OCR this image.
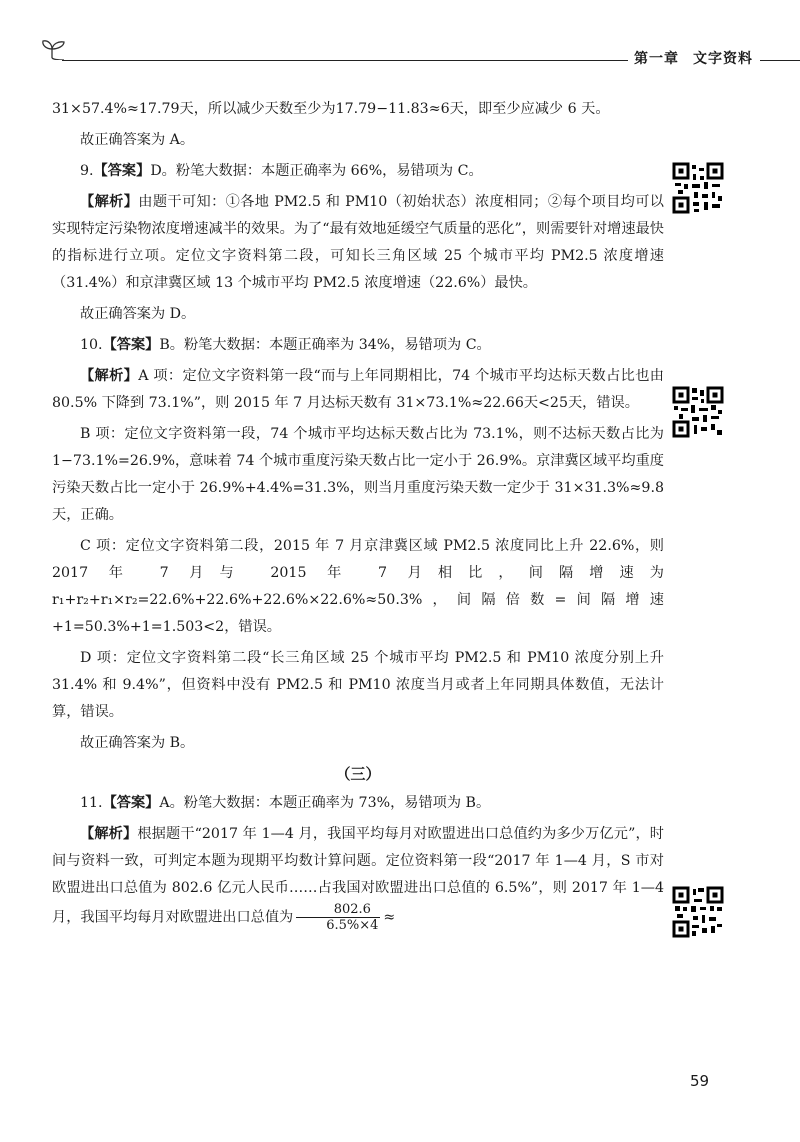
第一章 文字资料

31×57.4%≈17.79天，所以减少天数至少为17.79−11.83≈6天，即至少应减少 6 天。

故正确答案为 A。

9.【答案】D。粉笔大数据：本题正确率为 66%，易错项为 C。

【解析】由题干可知：①各地 PM2.5 和 PM10（初始状态）浓度相同；②每个项目均可以实现特定污染物浓度增速减半的效果。为了“最有效地延缓空气质量的恶化”，则需要针对增速最快的指标进行立项。定位文字资料第二段，可知长三角区域 25 个城市平均 PM2.5 浓度增速（31.4%）和京津冀区域 13 个城市平均 PM2.5 浓度增速（22.6%）最快。

故正确答案为 D。

10.【答案】B。粉笔大数据：本题正确率为 34%，易错项为 C。

【解析】A 项：定位文字资料第一段“而与上年同期相比，74 个城市平均达标天数占比也由 80.5% 下降到 73.1%”，则 2015 年 7 月达标天数有 31×73.1%≈22.66天<25天，错误。

B 项：定位文字资料第一段，74 个城市平均达标天数占比为 73.1%，则不达标天数占比为 1−73.1%=26.9%，意味着 74 个城市重度污染天数占比一定小于 26.9%。京津冀区域平均重度污染天数占比一定小于 26.9%+4.4%=31.3%，则当月重度污染天数一定少于 31×31.3%≈9.8天，正确。

C 项：定位文字资料第二段，2015 年 7 月京津冀区域 PM2.5 浓度同比上升 22.6%，则 2017 年 7 月与 2015 年 7 月相比，间隔增速为 r₁+r₂+r₁×r₂=22.6%+22.6%+22.6%×22.6%≈50.3%，间隔倍数=间隔增速+1=50.3%+1=1.503<2，错误。

D 项：定位文字资料第二段“长三角区域 25 个城市平均 PM2.5 和 PM10 浓度分别上升 31.4% 和 9.4%”，但资料中没有 PM2.5 和 PM10 浓度当月或者上年同期具体数值，无法计算，错误。

故正确答案为 B。

（三）

11.【答案】A。粉笔大数据：本题正确率为 73%，易错项为 B。

【解析】根据题干“2017 年 1—4 月，我国平均每月对欧盟进出口总值约为多少万亿元”，时间与资料一致，可判定本题为现期平均数计算问题。定位资料第一段“2017 年 1—4 月，S 市对欧盟进出口总值为 802.6 亿元人民币……占我国对欧盟进出口总值的 6.5%”，则 2017 年 1—4 月，我国平均每月对欧盟进出口总值为 $\frac{802.6}{6.5\%\times 4}$ ≈

59
